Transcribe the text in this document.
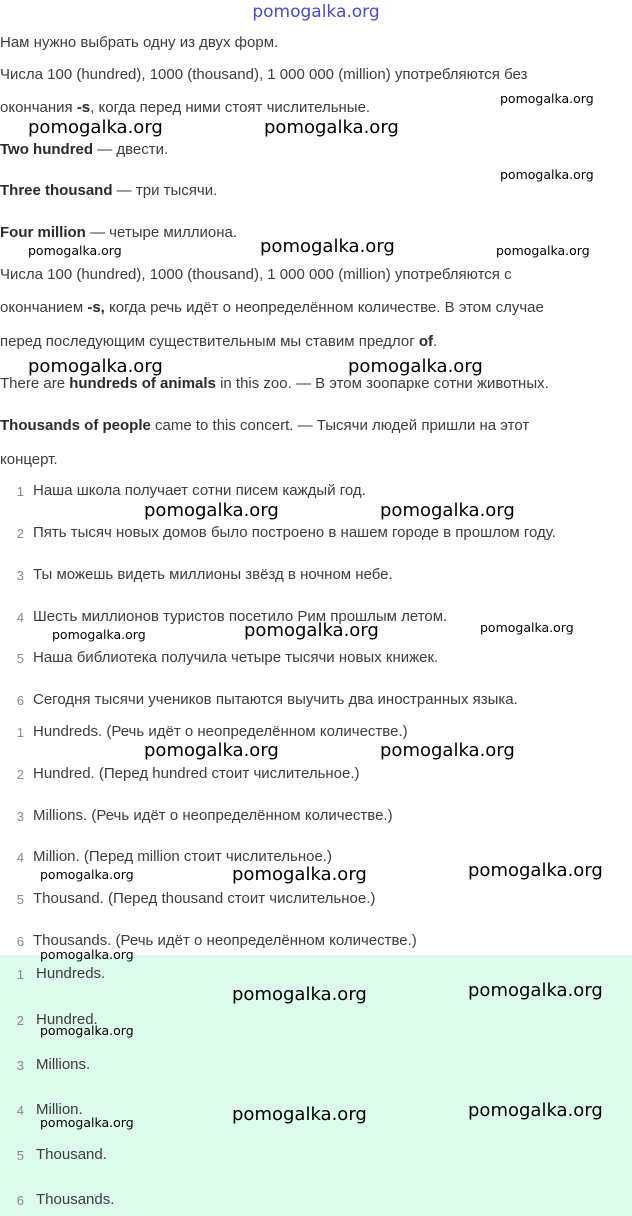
pomogalka.org
Нам нужно выбрать одну из двух форм.
Числа 100 (hundred), 1000 (thousand), 1 000 000 (million) употребляются без
окончания -s, когда перед ними стоят числительные.
Two hundred — двести.
Three thousand — три тысячи.
Four million — четыре миллиона.
Числа 100 (hundred), 1000 (thousand), 1 000 000 (million) употребляются с
окончанием -s, когда речь идёт о неопределённом количестве. В этом случае
перед последующим существительным мы ставим предлог of.
There are hundreds of animals in this zoo. — В этом зоопарке сотни животных.
Thousands of people came to this concert. — Тысячи людей пришли на этот
концерт.
1 Наша школа получает сотни писем каждый год.
2 Пять тысяч новых домов было построено в нашем городе в прошлом году.
3 Ты можешь видеть миллионы звёзд в ночном небе.
4 Шесть миллионов туристов посетило Рим прошлым летом.
5 Наша библиотека получила четыре тысячи новых книжек.
6 Сегодня тысячи учеников пытаются выучить два иностранных языка.
1 Hundreds. (Речь идёт о неопределённом количестве.)
2 Hundred. (Перед hundred стоит числительное.)
3 Millions. (Речь идёт о неопределённом количестве.)
4 Million. (Перед million стоит числительное.)
5 Thousand. (Перед thousand стоит числительное.)
6 Thousands. (Речь идёт о неопределённом количестве.)
1 Hundreds.
2 Hundred.
3 Millions.
4 Million.
5 Thousand.
6 Thousands.
pomogalka.org
pomogalka.org	pomogalka.org
pomogalka.org
pomogalka.org	pomogalka.org	pomogalka.org
pomogalka.org	pomogalka.org
pomogalka.org	pomogalka.org
pomogalka.org	pomogalka.org	pomogalka.org
pomogalka.org	pomogalka.org
pomogalka.org	pomogalka.org	pomogalka.org
pomogalka.org
pomogalka.org	pomogalka.org
pomogalka.org
pomogalka.org	pomogalka.org	pomogalka.org
